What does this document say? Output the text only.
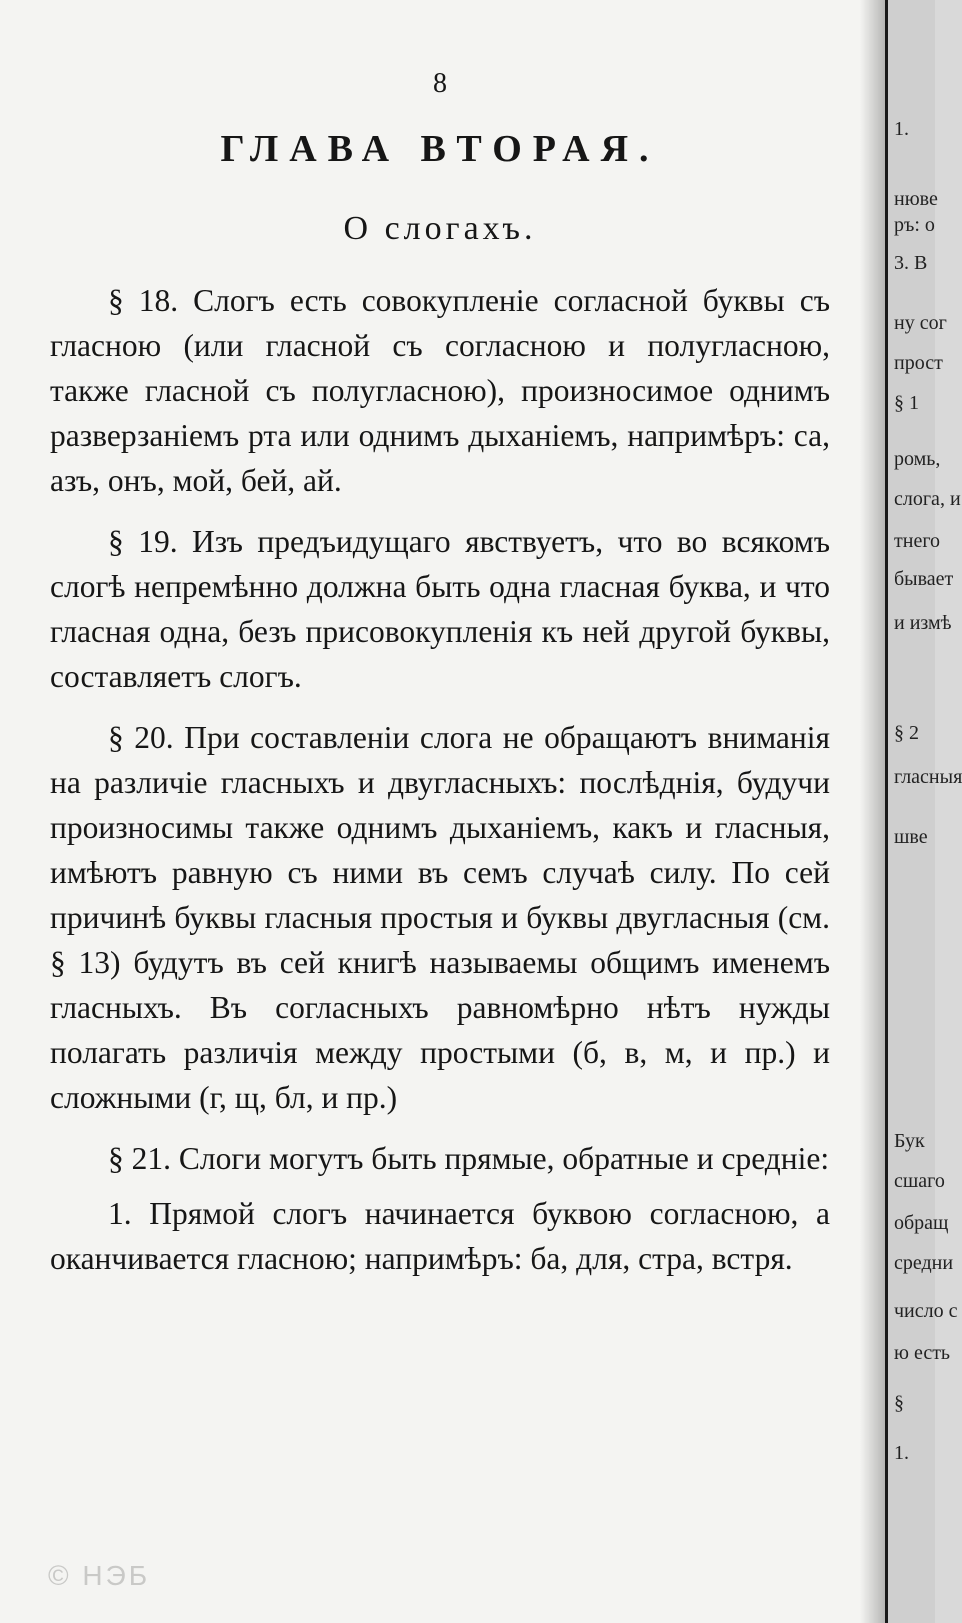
8
ГЛАВА ВТОРАЯ.
О слогахъ.

§ 18. Слогъ есть совокупленіе согласной буквы съ гласною (или гласной съ согласною и полугласною, также гласной съ полугласною), произносимое однимъ разверзаніемъ рта или однимъ дыханіемъ, напримѣръ: са, азъ, онъ, мой, бей, ай.

§ 19. Изъ предъидущаго явствуетъ, что во всякомъ слогѣ непремѣнно должна быть одна гласная буква, и что гласная одна, безъ присовокупленія къ ней другой буквы, составляетъ слогъ.

§ 20. При составленіи слога не обращаютъ вниманія на различіе гласныхъ и двугласныхъ: послѣднія, будучи произносимы также однимъ дыханіемъ, какъ и гласныя, имѣютъ равную съ ними въ семъ случаѣ силу. По сей причинѣ буквы гласныя простыя и буквы двугласныя (см. § 13) будутъ въ сей книгѣ называемы общимъ именемъ гласныхъ. Въ согласныхъ равномѣрно нѣтъ нужды полагать различія между простыми (б, в, м, и пр.) и сложными (г, щ, бл, и пр.)

§ 21. Слоги могутъ быть прямые, обратные и средніе:

1. Прямой слогъ начинается буквою согласною, а оканчивается гласною; напримѣръ: ба, для, стра, встря.

© НЭБ
1.
нюве
ръ: о
3. В
ну сог
прост
§ 1
ромь,
слога, и
тнего
бывает
и измѣ
§ 2
гласныя
шве
Бук
сшаго
обращ
средни
число с
ю есть
§
1.
